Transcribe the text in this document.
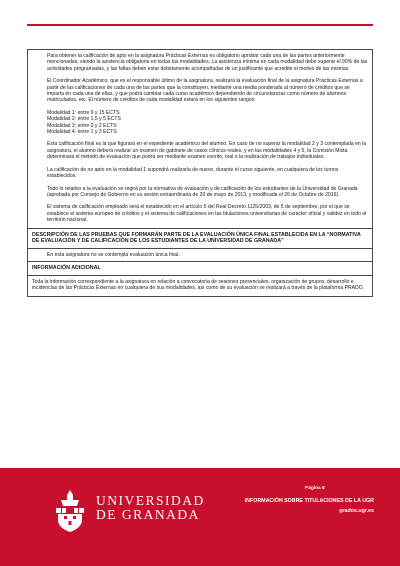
Para obtener la calificación de apto en la asignatura Prácticas Externas es obligatorio aprobar cada una de las partes anteriormente mencionadas, siendo la asistencia obligatoria en todas las modalidades. La asistencia mínima en cada modalidad debe superar el 90% de las actividades programadas, y las faltas deben estar debidamente acompañadas de un justificante que acredite el motivo de las mismas.

El Coordinador Académico, que es el responsable último de la asignatura, realizará la evaluación final de la asignatura Prácticas Externas a partir de las calificaciones de cada una de las partes que la constituyen, mediante una media ponderada al número de créditos que se imparta en cada una de ellas, y que podrá cambiar cada curso académico dependiendo de circunstancias como número de alumnos matriculados, etc. El número de créditos de cada modalidad estará en los siguientes rangos:

Modalidad 1: entre 9 y 15 ECTS
Modalidad 2: entre 1,5 y 5 ECTS
Modalidad 3: entre 0 y 2 ECTS
Modalidad 4: entre 1 y 3 ECTS

Esta calificación final es la que figurará en el expediente académico del alumno. En caso de no superar la modalidad 2 y 3 contemplada en la asignatura, el alumno deberá realizar un examen de gabinete de casos clínicos reales, y en las modalidades 4 y 5, la Comisión Mixta determinará el método de evaluación que podrá ser mediante examen escrito, oral o la realización de trabajos individuales.

La calificación de no apto en la modalidad 1 supondrá realizarla de nuevo, durante el curso siguiente, en cualquiera de los turnos establecidos.

Todo lo relativo a la evaluación se regirá por la normativa de evaluación y de calificación de los estudiantes de la Universidad de Granada (aprobada por Consejo de Gobierno en su sesión extraordinaria de 20 de mayo de 2013, y modificada el 26 de Octubre de 2016).

El sistema de calificación empleado será el establecido en el artículo 5 del Real Decreto 1125/2003, de 5 de septiembre, por el que se establece el sistema europeo de créditos y el sistema de calificaciones en las titulaciones universitarias de carácter oficial y validez en todo el territorio nacional.

DESCRIPCIÓN DE LAS PRUEBAS QUE FORMARÁN PARTE DE LA EVALUACIÓN ÚNICA FINAL ESTABLECIDA EN LA “NORMATIVA DE EVALUACIÓN Y DE CALIFICACIÓN DE LOS ESTUDIANTES DE LA UNIVERSIDAD DE GRANADA”
En esta asignatura no se contempla evaluación única final.
INFORMACIÓN ADICIONAL
Toda la información correspondiente a la asignatura en relación a convocatoria de sesiones presenciales, organización de grupos, desarrollo e incidencias de las Prácticas Externas en cualquiera de sus modalidades, así como de su evaluación se realizará a través de la plataforma PRADO.
UNIVERSIDAD
DE GRANADA
Página 8
INFORMACIÓN SOBRE TITULACIONES DE LA UGR
grados.ugr.es
